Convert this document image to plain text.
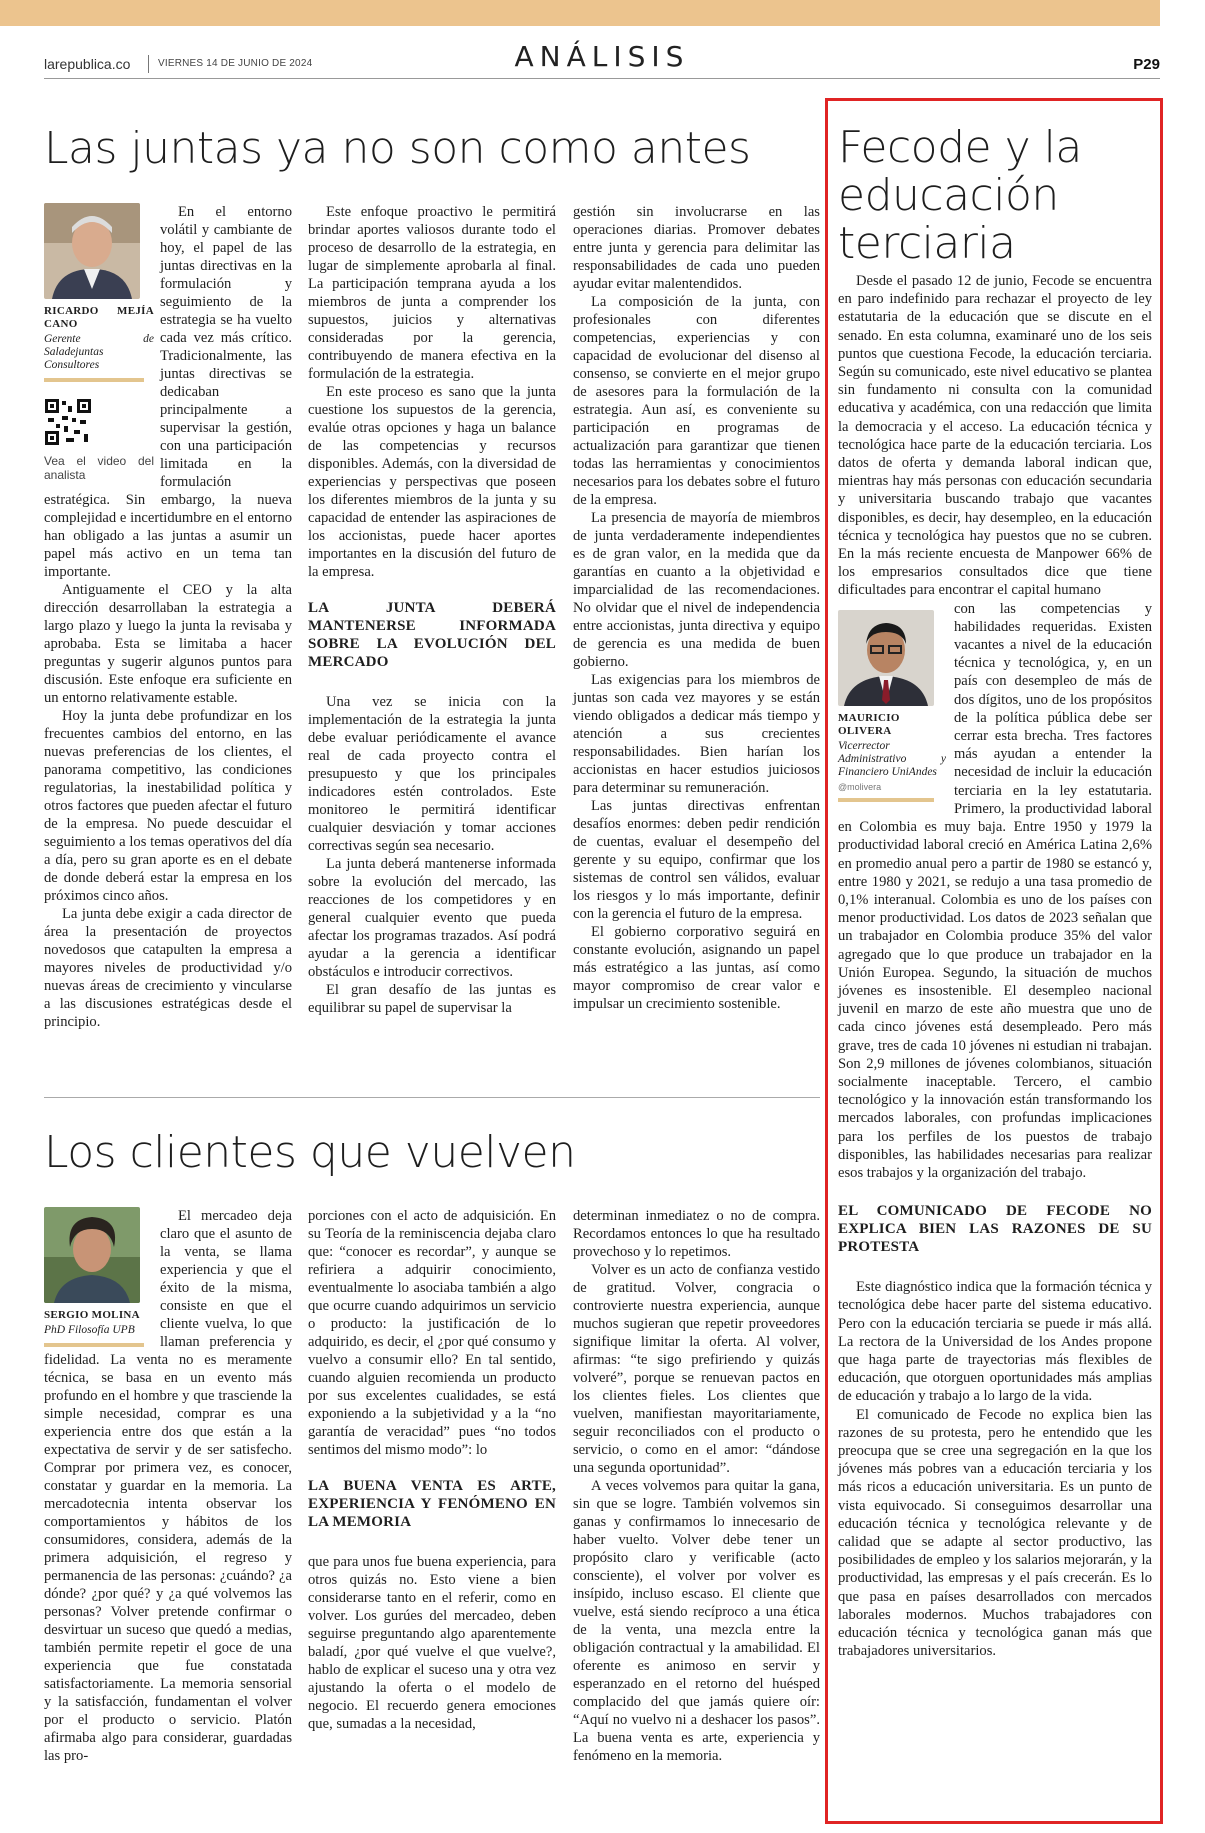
larepublica.co	VIERNES 14 DE JUNIO DE 2024	ANÁLISIS	P29
Las juntas ya no son como antes
RICARDO MEJÍA CANO
Gerente de Saladejuntas Consultores
Vea el video del analista

En el entorno volátil y cambiante de hoy, el papel de las juntas directivas en la formulación y seguimiento de la estrategia se ha vuelto cada vez más crítico. Tradicionalmente, las juntas directivas se dedicaban principalmente a supervisar la gestión, con una participación limitada en la formulación estratégica. Sin embargo, la nueva complejidad e incertidumbre en el entorno han obligado a las juntas a asumir un papel más activo en un tema tan importante.

Antiguamente el CEO y la alta dirección desarrollaban la estrategia a largo plazo y luego la junta la revisaba y aprobaba. Esta se limitaba a hacer preguntas y sugerir algunos puntos para discusión. Este enfoque era suficiente en un entorno relativamente estable.

Hoy la junta debe profundizar en los frecuentes cambios del entorno, en las nuevas preferencias de los clientes, el panorama competitivo, las condiciones regulatorias, la inestabilidad política y otros factores que pueden afectar el futuro de la empresa. No puede descuidar el seguimiento a los temas operativos del día a día, pero su gran aporte es en el debate de donde deberá estar la empresa en los próximos cinco años.

La junta debe exigir a cada director de área la presentación de proyectos novedosos que catapulten la empresa a mayores niveles de productividad y/o nuevas áreas de crecimiento y vincularse a las discusiones estratégicas desde el principio.

Este enfoque proactivo le permitirá brindar aportes valiosos durante todo el proceso de desarrollo de la estrategia, en lugar de simplemente aprobarla al final. La participación temprana ayuda a los miembros de junta a comprender los supuestos, juicios y alternativas consideradas por la gerencia, contribuyendo de manera efectiva en la formulación de la estrategia.

En este proceso es sano que la junta cuestione los supuestos de la gerencia, evalúe otras opciones y haga un balance de las competencias y recursos disponibles. Además, con la diversidad de experiencias y perspectivas que poseen los diferentes miembros de la junta y su capacidad de entender las aspiraciones de los accionistas, puede hacer aportes importantes en la discusión del futuro de la empresa.

LA JUNTA DEBERÁ MANTENERSE INFORMADA SOBRE LA EVOLUCIÓN DEL MERCADO

Una vez se inicia con la implementación de la estrategia la junta debe evaluar periódicamente el avance real de cada proyecto contra el presupuesto y que los principales indicadores estén controlados. Este monitoreo le permitirá identificar cualquier desviación y tomar acciones correctivas según sea necesario.

La junta deberá mantenerse informada sobre la evolución del mercado, las reacciones de los competidores y en general cualquier evento que pueda afectar los programas trazados. Así podrá ayudar a la gerencia a identificar obstáculos e introducir correctivos.

El gran desafío de las juntas es equilibrar su papel de supervisar la

gestión sin involucrarse en las operaciones diarias. Promover debates entre junta y gerencia para delimitar las responsabilidades de cada uno pueden ayudar evitar malentendidos.

La composición de la junta, con profesionales con diferentes competencias, experiencias y con capacidad de evolucionar del disenso al consenso, se convierte en el mejor grupo de asesores para la formulación de la estrategia. Aun así, es conveniente su participación en programas de actualización para garantizar que tienen todas las herramientas y conocimientos necesarios para los debates sobre el futuro de la empresa.

La presencia de mayoría de miembros de junta verdaderamente independientes es de gran valor, en la medida que da garantías en cuanto a la objetividad e imparcialidad de las recomendaciones. No olvidar que el nivel de independencia entre accionistas, junta directiva y equipo de gerencia es una medida de buen gobierno.

Las exigencias para los miembros de juntas son cada vez mayores y se están viendo obligados a dedicar más tiempo y atención a sus crecientes responsabilidades. Bien harían los accionistas en hacer estudios juiciosos para determinar su remuneración.

Las juntas directivas enfrentan desafíos enormes: deben pedir rendición de cuentas, evaluar el desempeño del gerente y su equipo, confirmar que los sistemas de control sen válidos, evaluar los riesgos y lo más importante, definir con la gerencia el futuro de la empresa.

El gobierno corporativo seguirá en constante evolución, asignando un papel más estratégico a las juntas, así como mayor compromiso de crear valor e impulsar un crecimiento sostenible.

Los clientes que vuelven
SERGIO MOLINA
PhD Filosofía UPB

El mercadeo deja claro que el asunto de la venta, se llama experiencia y que el éxito de la misma, consiste en que el cliente vuelva, lo que llaman preferencia y fidelidad. La venta no es meramente técnica, se basa en un evento más profundo en el hombre y que trasciende la simple necesidad, comprar es una experiencia entre dos que están a la expectativa de servir y de ser satisfecho. Comprar por primera vez, es conocer, constatar y guardar en la memoria. La mercadotecnia intenta observar los comportamientos y hábitos de los consumidores, considera, además de la primera adquisición, el regreso y permanencia de las personas: ¿cuándo? ¿a dónde? ¿por qué? y ¿a qué volvemos las personas? Volver pretende confirmar o desvirtuar un suceso que quedó a medias, también permite repetir el goce de una experiencia que fue constatada satisfactoriamente. La memoria sensorial y la satisfacción, fundamentan el volver por el producto o servicio. Platón afirmaba algo para considerar, guardadas las pro-

porciones con el acto de adquisición. En su Teoría de la reminiscencia dejaba claro que: “conocer es recordar”, y aunque se refiriera a adquirir conocimiento, eventualmente lo asociaba también a algo que ocurre cuando adquirimos un servicio o producto: la justificación de lo adquirido, es decir, el ¿por qué consumo y vuelvo a consumir ello? En tal sentido, cuando alguien recomienda un producto por sus excelentes cualidades, se está exponiendo a la subjetividad y a la “no garantía de veracidad” pues “no todos sentimos del mismo modo”: lo

LA BUENA VENTA ES ARTE, EXPERIENCIA Y FENÓMENO EN LA MEMORIA

que para unos fue buena experiencia, para otros quizás no. Esto viene a bien considerarse tanto en el referir, como en volver. Los gurúes del mercadeo, deben seguirse preguntando algo aparentemente baladí, ¿por qué vuelve el que vuelve?, hablo de explicar el suceso una y otra vez ajustando la oferta o el modelo de negocio. El recuerdo genera emociones que, sumadas a la necesidad,

determinan inmediatez o no de compra. Recordamos entonces lo que ha resultado provechoso y lo repetimos.

Volver es un acto de confianza vestido de gratitud. Volver, congracia o controvierte nuestra experiencia, aunque muchos sugieran que repetir proveedores signifique limitar la oferta. Al volver, afirmas: “te sigo prefiriendo y quizás volveré”, porque se renuevan pactos en los clientes fieles. Los clientes que vuelven, manifiestan mayoritariamente, seguir reconciliados con el producto o servicio, o como en el amor: “dándose una segunda oportunidad”.

A veces volvemos para quitar la gana, sin que se logre. También volvemos sin ganas y confirmamos lo innecesario de haber vuelto. Volver debe tener un propósito claro y verificable (acto consciente), el volver por volver es insípido, incluso escaso. El cliente que vuelve, está siendo recíproco a una ética de la venta, una mezcla entre la obligación contractual y la amabilidad. El oferente es animoso en servir y esperanzado en el retorno del huésped complacido del que jamás quiere oír: “Aquí no vuelvo ni a deshacer los pasos”. La buena venta es arte, experiencia y fenómeno en la memoria.

Fecode y la educación terciaria

Desde el pasado 12 de junio, Fecode se encuentra en paro indefinido para rechazar el proyecto de ley estatutaria de la educación que se discute en el senado. En esta columna, examinaré uno de los seis puntos que cuestiona Fecode, la educación terciaria. Según su comunicado, este nivel educativo se plantea sin fundamento ni consulta con la comunidad educativa y académica, con una redacción que limita la democracia y el acceso. La educación técnica y tecnológica hace parte de la educación terciaria. Los datos de oferta y demanda laboral indican que, mientras hay más personas con educación secundaria y universitaria buscando trabajo que vacantes disponibles, es decir, hay desempleo, en la educación técnica y tecnológica hay puestos que no se cubren. En la más reciente encuesta de Manpower 66% de los empresarios consultados dice que tiene dificultades para encontrar el capital humano

MAURICIO OLIVERA
Vicerrector Administrativo y Financiero UniAndes
@molivera

con las competencias y habilidades requeridas. Existen vacantes a nivel de la educación técnica y tecnológica, y, en un país con desempleo de más de dos dígitos, uno de los propósitos de la política pública debe ser cerrar esta brecha. Tres factores más ayudan a entender la necesidad de incluir la educación terciaria en la ley estatutaria. Primero, la productividad laboral en Colombia es muy baja. Entre 1950 y 1979 la productividad laboral creció en América Latina 2,6% en promedio anual pero a partir de 1980 se estancó y, entre 1980 y 2021, se redujo a una tasa promedio de 0,1% interanual. Colombia es uno de los países con menor productividad. Los datos de 2023 señalan que un trabajador en Colombia produce 35% del valor agregado que lo que produce un trabajador en la Unión Europea. Segundo, la situación de muchos jóvenes es insostenible. El desempleo nacional juvenil en marzo de este año muestra que uno de cada cinco jóvenes está desempleado. Pero más grave, tres de cada 10 jóvenes ni estudian ni trabajan. Son 2,9 millones de jóvenes colombianos, situación socialmente inaceptable. Tercero, el cambio tecnológico y la innovación están transformando los mercados laborales, con profundas implicaciones para los perfiles de los puestos de trabajo disponibles, las habilidades necesarias para realizar esos trabajos y la organización del trabajo.

EL COMUNICADO DE FECODE NO EXPLICA BIEN LAS RAZONES DE SU PROTESTA

Este diagnóstico indica que la formación técnica y tecnológica debe hacer parte del sistema educativo. Pero con la educación terciaria se puede ir más allá. La rectora de la Universidad de los Andes propone que haga parte de trayectorias más flexibles de educación, que otorguen oportunidades más amplias de educación y trabajo a lo largo de la vida.

El comunicado de Fecode no explica bien las razones de su protesta, pero he entendido que les preocupa que se cree una segregación en la que los jóvenes más pobres van a educación terciaria y los más ricos a educación universitaria. Es un punto de vista equivocado. Si conseguimos desarrollar una educación técnica y tecnológica relevante y de calidad que se adapte al sector productivo, las posibilidades de empleo y los salarios mejorarán, y la productividad, las empresas y el país crecerán. Es lo que pasa en países desarrollados con mercados laborales modernos. Muchos trabajadores con educación técnica y tecnológica ganan más que trabajadores universitarios.
